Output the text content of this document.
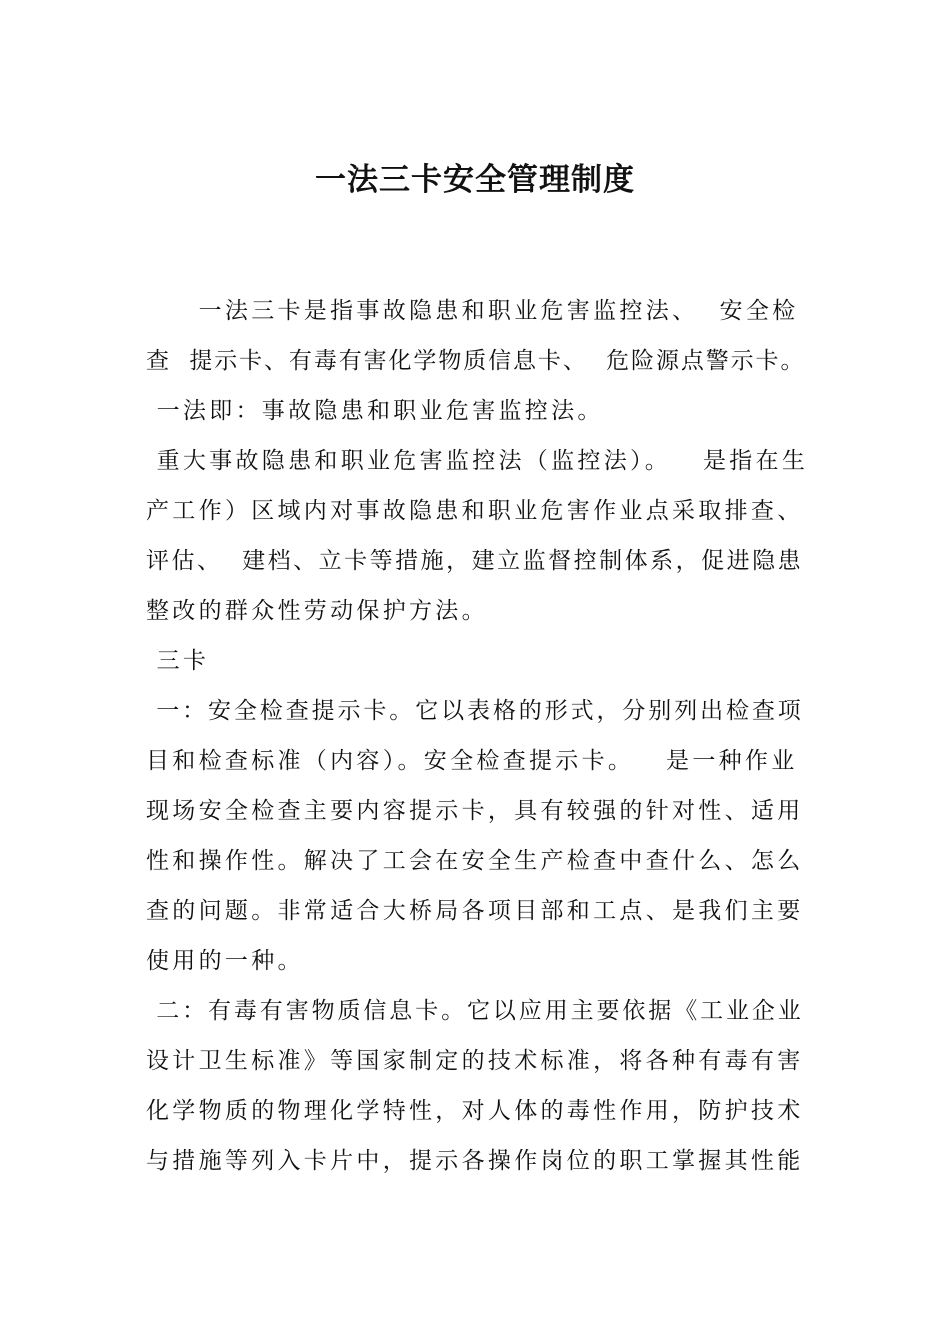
一法三卡安全管理制度
　　一法三卡是指事故隐患和职业危害监控法、  安全检
查  提示卡、有毒有害化学物质信息卡、  危险源点警示卡。
一法即：事故隐患和职业危害监控法。
重大事故隐患和职业危害监控法（监控法）。   是指在生
产工作）区域内对事故隐患和职业危害作业点采取排查、
评估、  建档、立卡等措施，建立监督控制体系，促进隐患
整改的群众性劳动保护方法。
三卡
一：安全检查提示卡。它以表格的形式，分别列出检查项
目和检查标准（内容）。安全检查提示卡。   是一种作业
现场安全检查主要内容提示卡，具有较强的针对性、适用
性和操作性。解决了工会在安全生产检查中查什么、怎么
查的问题。非常适合大桥局各项目部和工点、是我们主要
使用的一种。
二：有毒有害物质信息卡。它以应用主要依据《工业企业
设计卫生标准》等国家制定的技术标准，将各种有毒有害
化学物质的物理化学特性，对人体的毒性作用，防护技术
与措施等列入卡片中，提示各操作岗位的职工掌握其性能
